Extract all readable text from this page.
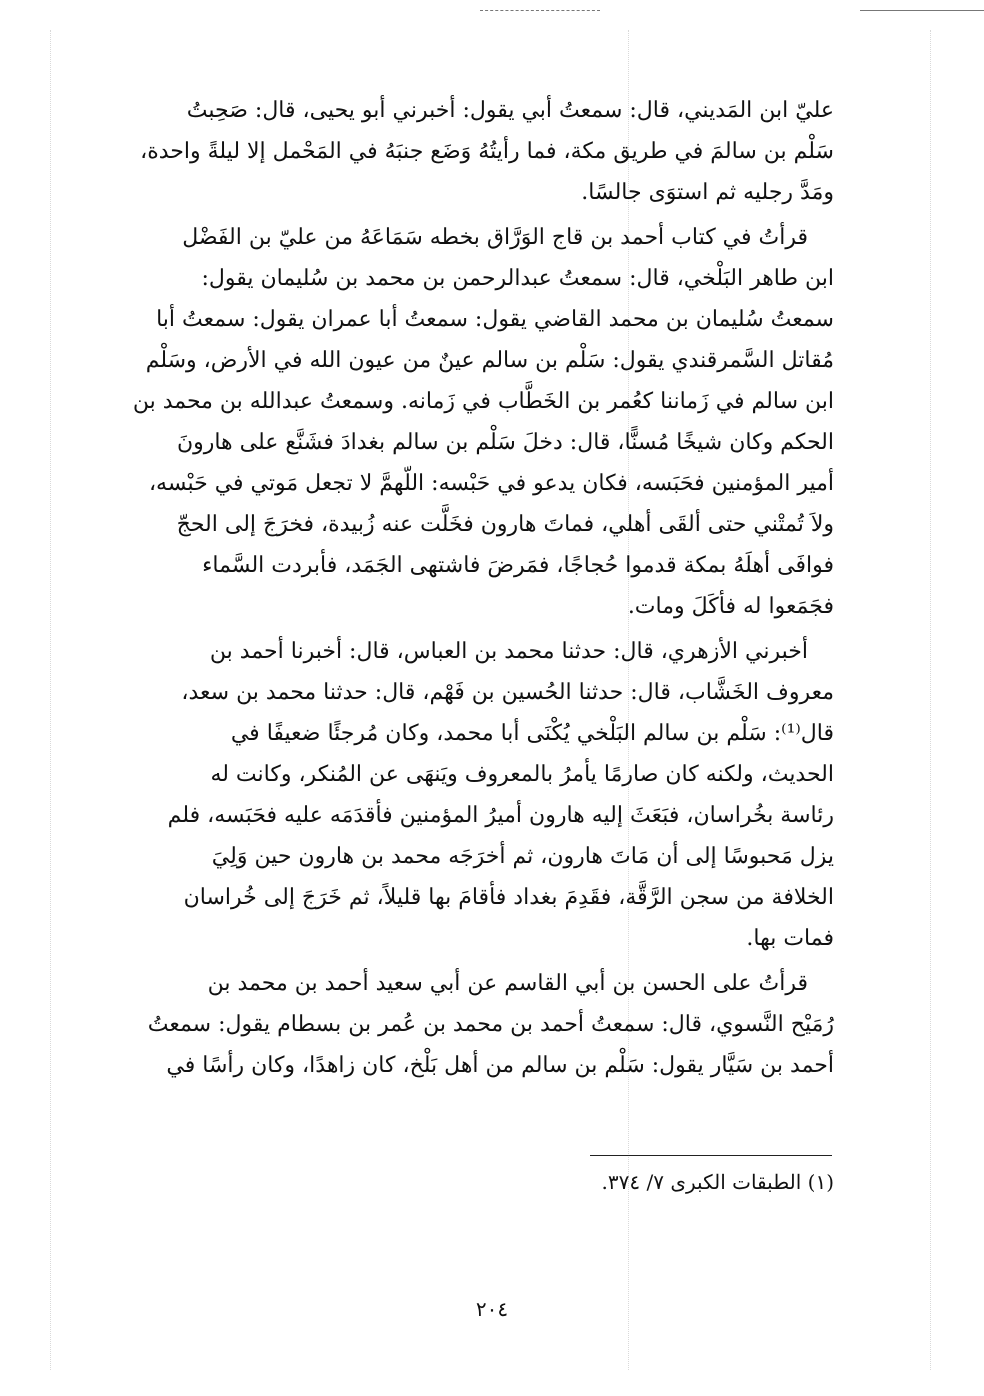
عليّ ابن المَديني، قال: سمعتُ أبي يقول: أخبرني أبو يحيى، قال: صَحِبتُ
سَلْم بن سالمَ في طريق مكة، فما رأيتُهُ وَضَع جنبَهُ في المَحْمل إلا ليلةً واحدة،
ومَدَّ رجليه ثم استوَى جالسًا.

قرأتُ في كتاب أحمد بن قاج الوَرَّاق بخطه سَمَاعَهُ من عليّ بن الفَضْل
ابن طاهر البَلْخي، قال: سمعتُ عبدالرحمن بن محمد بن سُليمان يقول:
سمعتُ سُليمان بن محمد القاضي يقول: سمعتُ أبا عمران يقول: سمعتُ أبا
مُقاتل السَّمرقندي يقول: سَلْم بن سالم عينٌ من عيون الله في الأرض، وسَلْم
ابن سالم في زَماننا كعُمر بن الخَطَّاب في زَمانه. وسمعتُ عبدالله بن محمد بن
الحكم وكان شيخًا مُسنًّا، قال: دخلَ سَلْم بن سالم بغدادَ فشَنَّع على هارونَ
أمير المؤمنين فحَبَسه، فكان يدعو في حَبْسه: اللّهمَّ لا تجعل مَوتي في حَبْسه،
ولاَ تُمتْني حتى ألقَى أهلي، فماتَ هارون فخَلَّت عنه زُبيدة، فخرَجَ إلى الحجّ
فوافَى أهلَهُ بمكة قدموا حُجاجًا، فمَرضَ فاشتهى الجَمَد، فأبردت السَّماء
فجَمَعوا له فأكَلَ ومات.

أخبرني الأزهري، قال: حدثنا محمد بن العباس، قال: أخبرنا أحمد بن
معروف الخَشَّاب، قال: حدثنا الحُسين بن فَهْم، قال: حدثنا محمد بن سعد،
قال⁽¹⁾: سَلْم بن سالم البَلْخي يُكْنَى أبا محمد، وكان مُرجئًا ضعيفًا في
الحديث، ولكنه كان صارمًا يأمرُ بالمعروف ويَنهَى عن المُنكر، وكانت له
رئاسة بخُراسان، فبَعَثَ إليه هارون أميرُ المؤمنين فأقدَمَه عليه فحَبَسه، فلم
يزل مَحبوسًا إلى أن مَاتَ هارون، ثم أخرَجَه محمد بن هارون حين وَلِيَ
الخلافة من سجن الرَّقَّة، فقَدِمَ بغداد فأقامَ بها قليلاً، ثم خَرَجَ إلى خُراسان
فمات بها.

قرأتُ على الحسن بن أبي القاسم عن أبي سعيد أحمد بن محمد بن
رُمَيْح النَّسوي، قال: سمعتُ أحمد بن محمد بن عُمر بن بسطام يقول: سمعتُ
أحمد بن سَيَّار يقول: سَلْم بن سالم من أهل بَلْخ، كان زاهدًا، وكان رأسًا في

(١) الطبقات الكبرى ٧/ ٣٧٤.
٢٠٤
